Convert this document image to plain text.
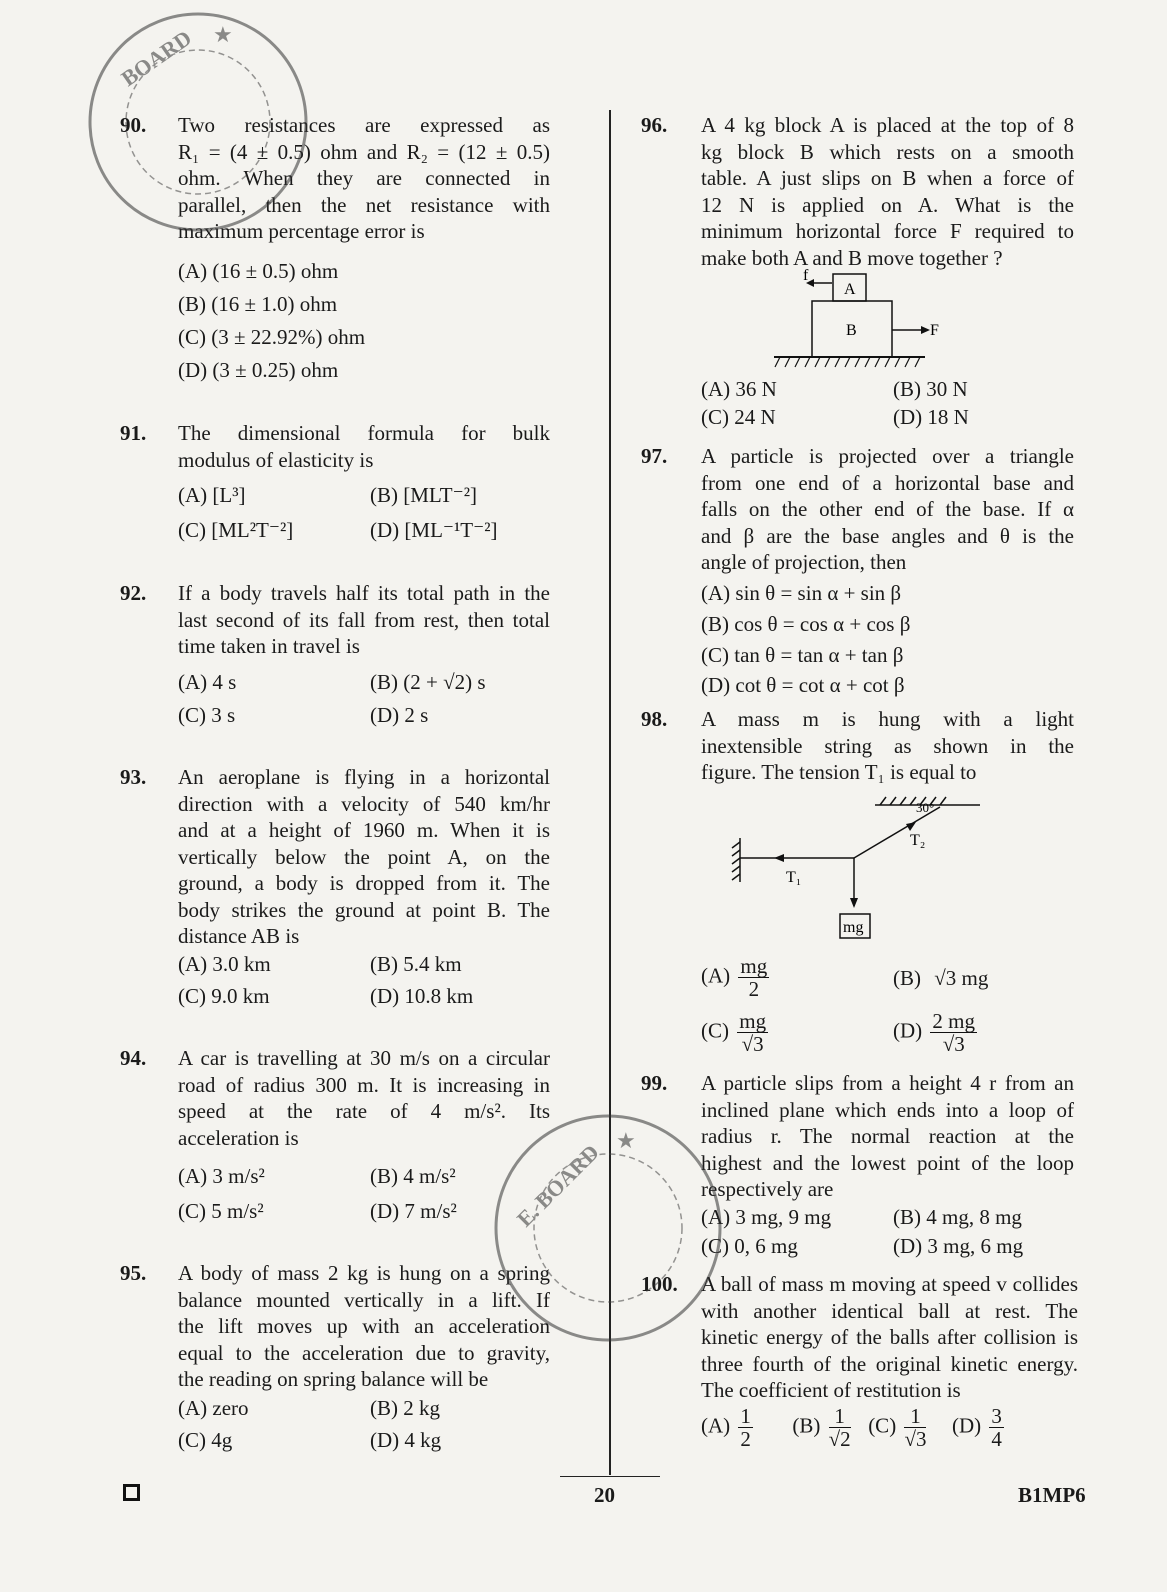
90. Two resistances are expressed as
R₁ = (4 ± 0.5) ohm and R₂ = (12 ± 0.5)
ohm. When they are connected in
parallel, then the net resistance with
maximum percentage error is
(A) (16 ± 0.5) ohm
(B) (16 ± 1.0) ohm
(C) (3 ± 22.92%) ohm
(D) (3 ± 0.25) ohm
91. The dimensional formula for bulk
modulus of elasticity is
(A) [L³]	(B) [MLT⁻²]
(C) [ML²T⁻²]	(D) [ML⁻¹T⁻²]
92. If a body travels half its total path in the
last second of its fall from rest, then total
time taken in travel is
(A) 4 s	(B) (2 + √2) s
(C) 3 s	(D) 2 s
93. An aeroplane is flying in a horizontal
direction with a velocity of 540 km/hr
and at a height of 1960 m. When it is
vertically below the point A, on the
ground, a body is dropped from it. The
body strikes the ground at point B. The
distance AB is
(A) 3.0 km	(B) 5.4 km
(C) 9.0 km	(D) 10.8 km
94. A car is travelling at 30 m/s on a circular
road of radius 300 m. It is increasing in
speed at the rate of 4 m/s². Its
acceleration is
(A) 3 m/s²	(B) 4 m/s²
(C) 5 m/s²	(D) 7 m/s²
95. A body of mass 2 kg is hung on a spring
balance mounted vertically in a lift. If
the lift moves up with an acceleration
equal to the acceleration due to gravity,
the reading on spring balance will be
(A) zero	(B) 2 kg
(C) 4g	(D) 4 kg
96. A 4 kg block A is placed at the top of 8
kg block B which rests on a smooth
table. A just slips on B when a force of
12 N is applied on A. What is the
minimum horizontal force F required to
make both A and B move together ?
f
A
B	F
(A) 36 N	(B) 30 N
(C) 24 N	(D) 18 N
97. A particle is projected over a triangle
from one end of a horizontal base and
falls on the other end of the base. If α
and β are the base angles and θ is the
angle of projection, then
(A) sin θ = sin α + sin β
(B) cos θ = cos α + cos β
(C) tan θ = tan α + tan β
(D) cot θ = cot α + cot β
98. A mass m is hung with a light
inextensible string as shown in the
figure. The tension T₁ is equal to
mg
T₁
T₂
30°
$(A) \frac{mg}{2}$	(B) √3 mg
$(C) \frac{mg}{√3}$	$(D) \frac{2 mg}{√3}$
99. A particle slips from a height 4 r from an
inclined plane which ends into a loop of
radius r. The normal reaction at the
highest and the lowest point of the loop
respectively are
(A) 3 mg, 9 mg	(B) 4 mg, 8 mg
(C) 0, 6 mg	(D) 3 mg, 6 mg
100. A ball of mass m moving at speed v collides
with another identical ball at rest. The
kinetic energy of the balls after collision is
three fourth of the original kinetic energy.
The coefficient of restitution is
$(A) \frac{1}{2} (B) \frac{1}{√2} (C) \frac{1}{√3} (D) \frac{3}{4}$
BOARD ★
E. BOARD ★
20	B1MP6
